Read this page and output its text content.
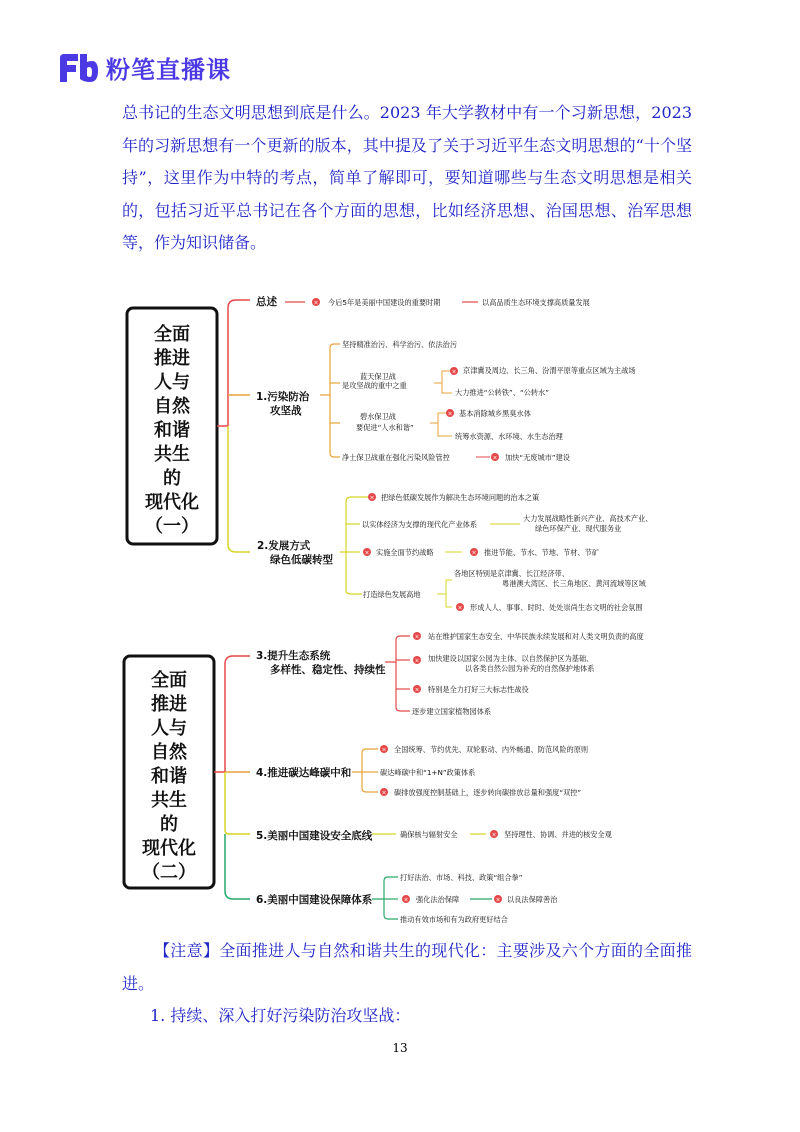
粉笔直播课
总书记的生态文明思想到底是什么。2023 年大学教材中有一个习新思想，2023 年的习新思想有一个更新的版本，其中提及了关于习近平生态文明思想的“十个坚持”，这里作为中特的考点，简单了解即可，要知道哪些与生态文明思想是相关的，包括习近平总书记在各个方面的思想，比如经济思想、治国思想、治军思想等，作为知识储备。
全面
推进
人与
自然
和谐
共生
的
现代化
（一）
总述	× 今后5年是美丽中国建设的重要时期	以高品质生态环境支撑高质量发展
1.污染防治
攻坚战
坚持精准治污、科学治污、依法治污
蓝天保卫战
是攻坚战的重中之重
× 京津冀及周边、长三角、汾渭平原等重点区域为主战场
大力推进“公转铁”、“公转水”
碧水保卫战
要促进“人水和谐”
× 基本消除城乡黑臭水体
统筹水资源、水环境、水生态治理
净土保卫战重在强化污染风险管控	× 加快“无废城市”建设
2.发展方式
绿色低碳转型
× 把绿色低碳发展作为解决生态环境问题的治本之策
以实体经济为支撑的现代化产业体系
大力发展战略性新兴产业、高技术产业、
绿色环保产业、现代服务业
× 实施全面节约战略	× 推进节能、节水、节地、节材、节矿
打造绿色发展高地
各地区特别是京津冀、长江经济带、
粤港澳大湾区、长三角地区、黄河流域等区域
× 形成人人、事事、时时、处处崇尚生态文明的社会氛围
全面
推进
人与
自然
和谐
共生
的
现代化
（二）
3.提升生态系统
多样性、稳定性、持续性
× 站在维护国家生态安全、中华民族永续发展和对人类文明负责的高度
× 加快建设以国家公园为主体、以自然保护区为基础、
以各类自然公园为补充的自然保护地体系
× 特别是全力打好三大标志性战役
逐步建立国家植物园体系
4.推进碳达峰碳中和
× 全国统筹、节约优先、双轮驱动、内外畅通、防范风险的原则
碳达峰碳中和“1+N”政策体系
× 碳排放强度控制基础上，逐步转向碳排放总量和强度“双控”
5.美丽中国建设安全底线	确保核与辐射安全	× 坚持理性、协调、并进的核安全观
6.美丽中国建设保障体系
打好法治、市场、科技、政策“组合拳”
× 强化法治保障	× 以良法保障善治
推动有效市场和有为政府更好结合
【注意】全面推进人与自然和谐共生的现代化：主要涉及六个方面的全面推进。
1. 持续、深入打好污染防治攻坚战：
13
